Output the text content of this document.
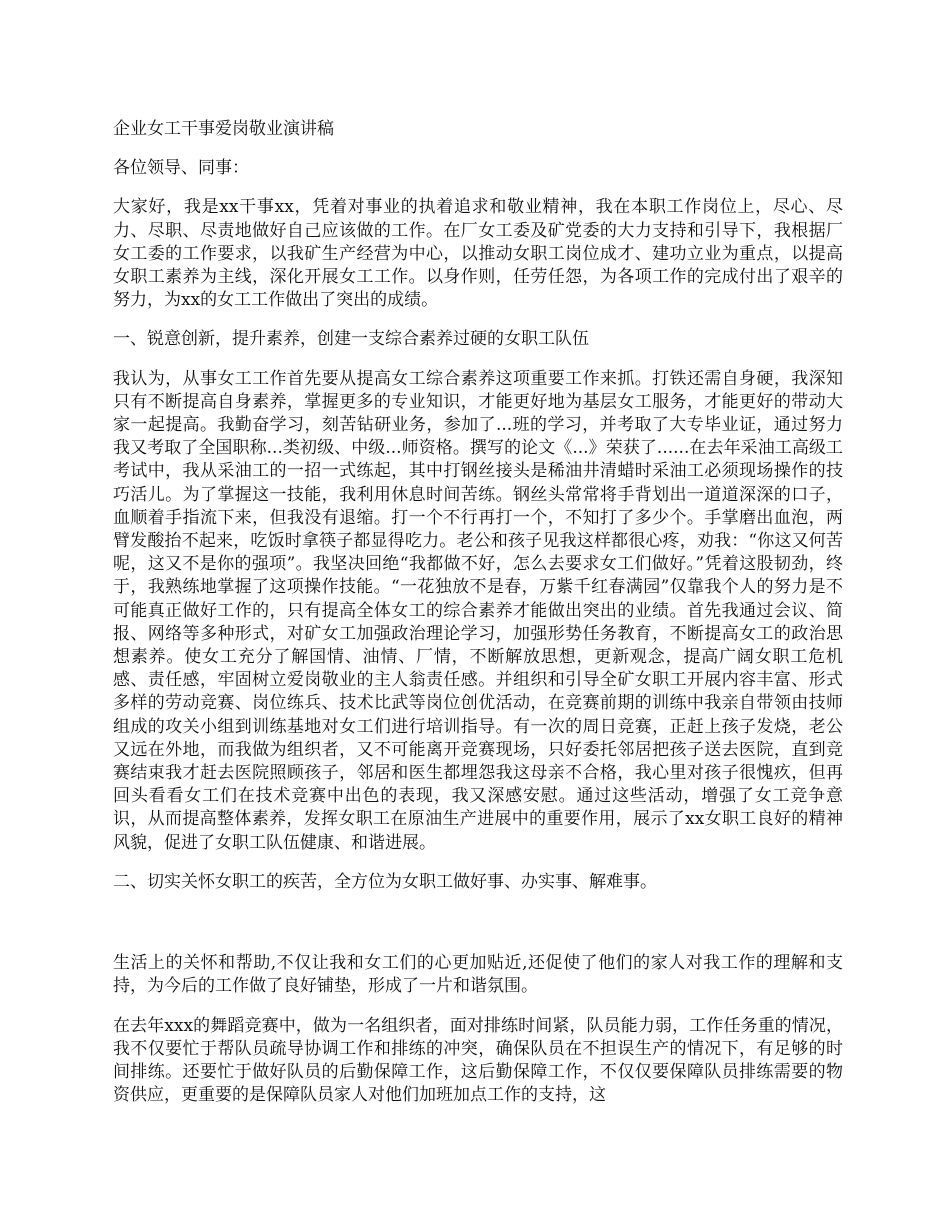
企业女工干事爱岗敬业演讲稿

各位领导、同事：

大家好，我是xx干事xx，凭着对事业的执着追求和敬业精神，我在本职工作岗位上，尽心、尽力、尽职、尽责地做好自己应该做的工作。在厂女工委及矿党委的大力支持和引导下，我根据厂女工委的工作要求，以我矿生产经营为中心，以推动女职工岗位成才、建功立业为重点，以提高女职工素养为主线，深化开展女工工作。以身作则，任劳任怨，为各项工作的完成付出了艰辛的努力，为xx的女工工作做出了突出的成绩。

一、锐意创新，提升素养，创建一支综合素养过硬的女职工队伍

我认为，从事女工工作首先要从提高女工综合素养这项重要工作来抓。打铁还需自身硬，我深知只有不断提高自身素养，掌握更多的专业知识，才能更好地为基层女工服务，才能更好的带动大家一起提高。我勤奋学习，刻苦钻研业务，参加了...班的学习，并考取了大专毕业证，通过努力我又考取了全国职称...类初级、中级...师资格。撰写的论文《...》荣获了......在去年采油工高级工考试中，我从采油工的一招一式练起，其中打钢丝接头是稀油井清蜡时采油工必须现场操作的技巧活儿。为了掌握这一技能，我利用休息时间苦练。钢丝头常常将手背划出一道道深深的口子，血顺着手指流下来，但我没有退缩。打一个不行再打一个，不知打了多少个。手掌磨出血泡，两臂发酸抬不起来，吃饭时拿筷子都显得吃力。老公和孩子见我这样都很心疼，劝我：“你这又何苦呢，这又不是你的强项”。我坚决回绝“我都做不好，怎么去要求女工们做好。”凭着这股韧劲，终于，我熟练地掌握了这项操作技能。“一花独放不是春，万紫千红春满园”仅靠我个人的努力是不可能真正做好工作的，只有提高全体女工的综合素养才能做出突出的业绩。首先我通过会议、简报、网络等多种形式，对矿女工加强政治理论学习，加强形势任务教育，不断提高女工的政治思想素养。使女工充分了解国情、油情、厂情，不断解放思想，更新观念，提高广阔女职工危机感、责任感，牢固树立爱岗敬业的主人翁责任感。并组织和引导全矿女职工开展内容丰富、形式多样的劳动竞赛、岗位练兵、技术比武等岗位创优活动，在竞赛前期的训练中我亲自带领由技师组成的攻关小组到训练基地对女工们进行培训指导。有一次的周日竞赛，正赶上孩子发烧，老公又远在外地，而我做为组织者，又不可能离开竞赛现场，只好委托邻居把孩子送去医院，直到竞赛结束我才赶去医院照顾孩子，邻居和医生都埋怨我这母亲不合格，我心里对孩子很愧疚，但再回头看看女工们在技术竞赛中出色的表现，我又深感安慰。通过这些活动，增强了女工竞争意识，从而提高整体素养，发挥女职工在原油生产进展中的重要作用，展示了xx女职工良好的精神风貌，促进了女职工队伍健康、和谐进展。

二、切实关怀女职工的疾苦，全方位为女职工做好事、办实事、解难事。

生活上的关怀和帮助,不仅让我和女工们的心更加贴近,还促使了他们的家人对我工作的理解和支持，为今后的工作做了良好铺垫，形成了一片和谐氛围。

在去年xxx的舞蹈竞赛中，做为一名组织者，面对排练时间紧，队员能力弱，工作任务重的情况，我不仅要忙于帮队员疏导协调工作和排练的冲突，确保队员在不担误生产的情况下，有足够的时间排练。还要忙于做好队员的后勤保障工作，这后勤保障工作，不仅仅要保障队员排练需要的物资供应，更重要的是保障队员家人对他们加班加点工作的支持，这
